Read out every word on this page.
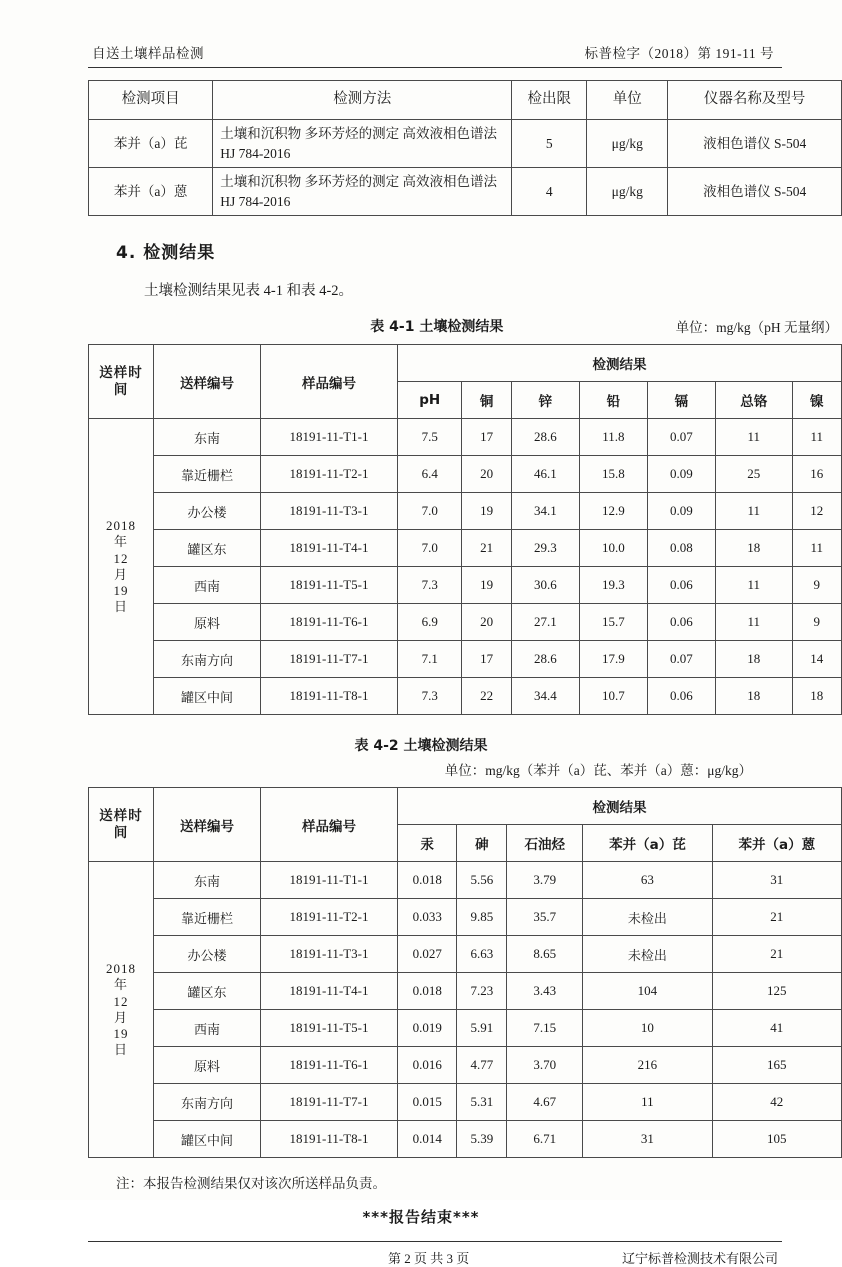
自送土壤样品检测	标普检字（2018）第 191-11 号
检测项目	检测方法	检出限	单位	仪器名称及型号
苯并（a）芘	土壤和沉积物 多环芳烃的测定 高效液相色谱法 HJ 784-2016	5	μg/kg	液相色谱仪 S-504
苯并（a）蒽	土壤和沉积物 多环芳烃的测定 高效液相色谱法 HJ 784-2016	4	μg/kg	液相色谱仪 S-504
4. 检测结果
土壤检测结果见表 4-1 和表 4-2。
表 4-1 土壤检测结果	单位：mg/kg（pH 无量纲）
送样时间	送样编号	样品编号	检测结果						
			pH	铜	锌	铅	镉	总铬	镍

2018
年
12
月
19
日
	东南	18191-11-T1-1	7.5	17	28.6	11.8	0.07	11	11
	靠近栅栏	18191-11-T2-1	6.4	20	46.1	15.8	0.09	25	16
	办公楼	18191-11-T3-1	7.0	19	34.1	12.9	0.09	11	12
	罐区东	18191-11-T4-1	7.0	21	29.3	10.0	0.08	18	11
	西南	18191-11-T5-1	7.3	19	30.6	19.3	0.06	11	9
	原料	18191-11-T6-1	6.9	20	27.1	15.7	0.06	11	9
	东南方向	18191-11-T7-1	7.1	17	28.6	17.9	0.07	18	14
	罐区中间	18191-11-T8-1	7.3	22	34.4	10.7	0.06	18	18
表 4-2 土壤检测结果
单位：mg/kg（苯并（a）芘、苯并（a）蒽：μg/kg）
送样时间	送样编号	样品编号	检测结果				
			汞	砷	石油烃	苯并（a）芘	苯并（a）蒽

2018
年
12
月
19
日
	东南	18191-11-T1-1	0.018	5.56	3.79	63	31
	靠近栅栏	18191-11-T2-1	0.033	9.85	35.7	未检出	21
	办公楼	18191-11-T3-1	0.027	6.63	8.65	未检出	21
	罐区东	18191-11-T4-1	0.018	7.23	3.43	104	125
	西南	18191-11-T5-1	0.019	5.91	7.15	10	41
	原料	18191-11-T6-1	0.016	4.77	3.70	216	165
	东南方向	18191-11-T7-1	0.015	5.31	4.67	11	42
	罐区中间	18191-11-T8-1	0.014	5.39	6.71	31	105
注：本报告检测结果仅对该次所送样品负责。
***报告结束***
第 2 页 共 3 页	辽宁标普检测技术有限公司
